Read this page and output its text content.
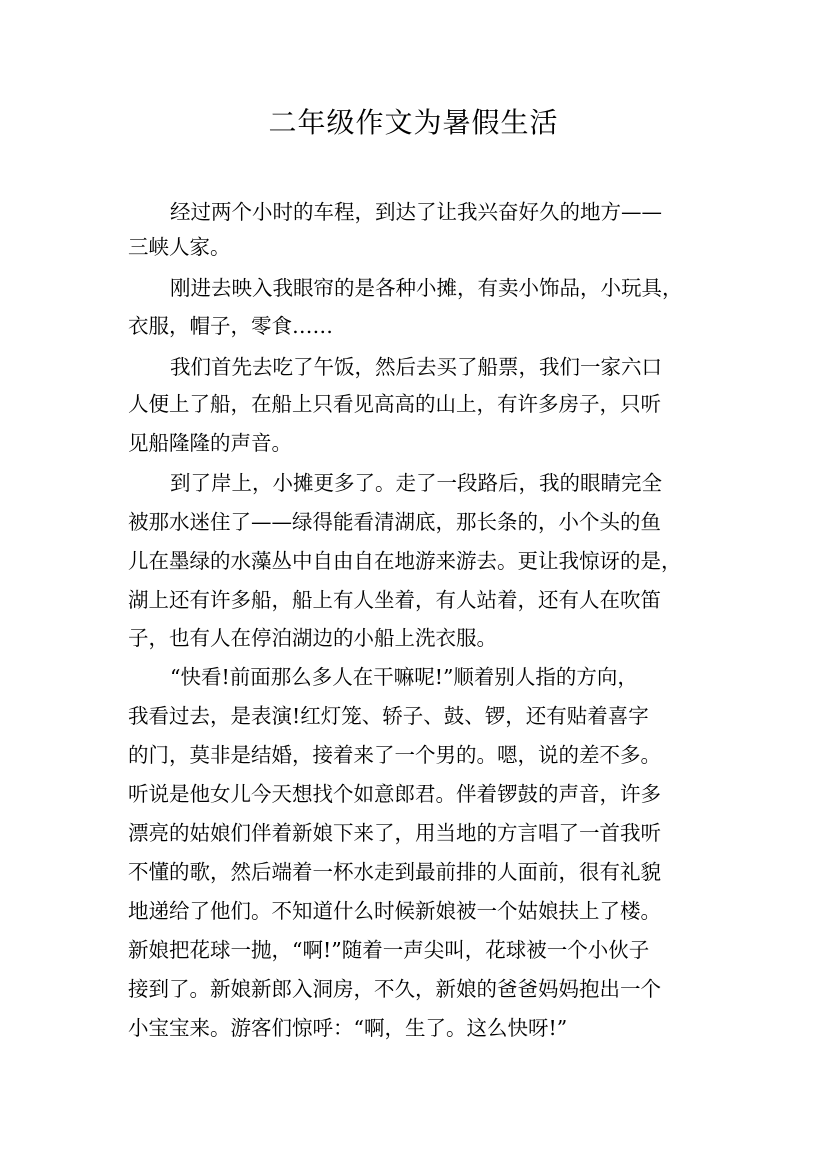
二年级作文为暑假生活

经过两个小时的车程，到达了让我兴奋好久的地方——

三峡人家。

刚进去映入我眼帘的是各种小摊，有卖小饰品，小玩具，

衣服，帽子，零食……

我们首先去吃了午饭，然后去买了船票，我们一家六口

人便上了船，在船上只看见高高的山上，有许多房子，只听

见船隆隆的声音。

到了岸上，小摊更多了。走了一段路后，我的眼睛完全

被那水迷住了——绿得能看清湖底，那长条的，小个头的鱼

儿在墨绿的水藻丛中自由自在地游来游去。更让我惊讶的是，

湖上还有许多船，船上有人坐着，有人站着，还有人在吹笛

子，也有人在停泊湖边的小船上洗衣服。

“快看!前面那么多人在干嘛呢!”顺着别人指的方向，

我看过去，是表演!红灯笼、轿子、鼓、锣，还有贴着喜字

的门，莫非是结婚，接着来了一个男的。嗯，说的差不多。

听说是他女儿今天想找个如意郎君。伴着锣鼓的声音，许多

漂亮的姑娘们伴着新娘下来了，用当地的方言唱了一首我听

不懂的歌，然后端着一杯水走到最前排的人面前，很有礼貌

地递给了他们。不知道什么时候新娘被一个姑娘扶上了楼。

新娘把花球一抛，“啊!”随着一声尖叫，花球被一个小伙子

接到了。新娘新郎入洞房，不久，新娘的爸爸妈妈抱出一个

小宝宝来。游客们惊呼：“啊，生了。这么快呀!”
